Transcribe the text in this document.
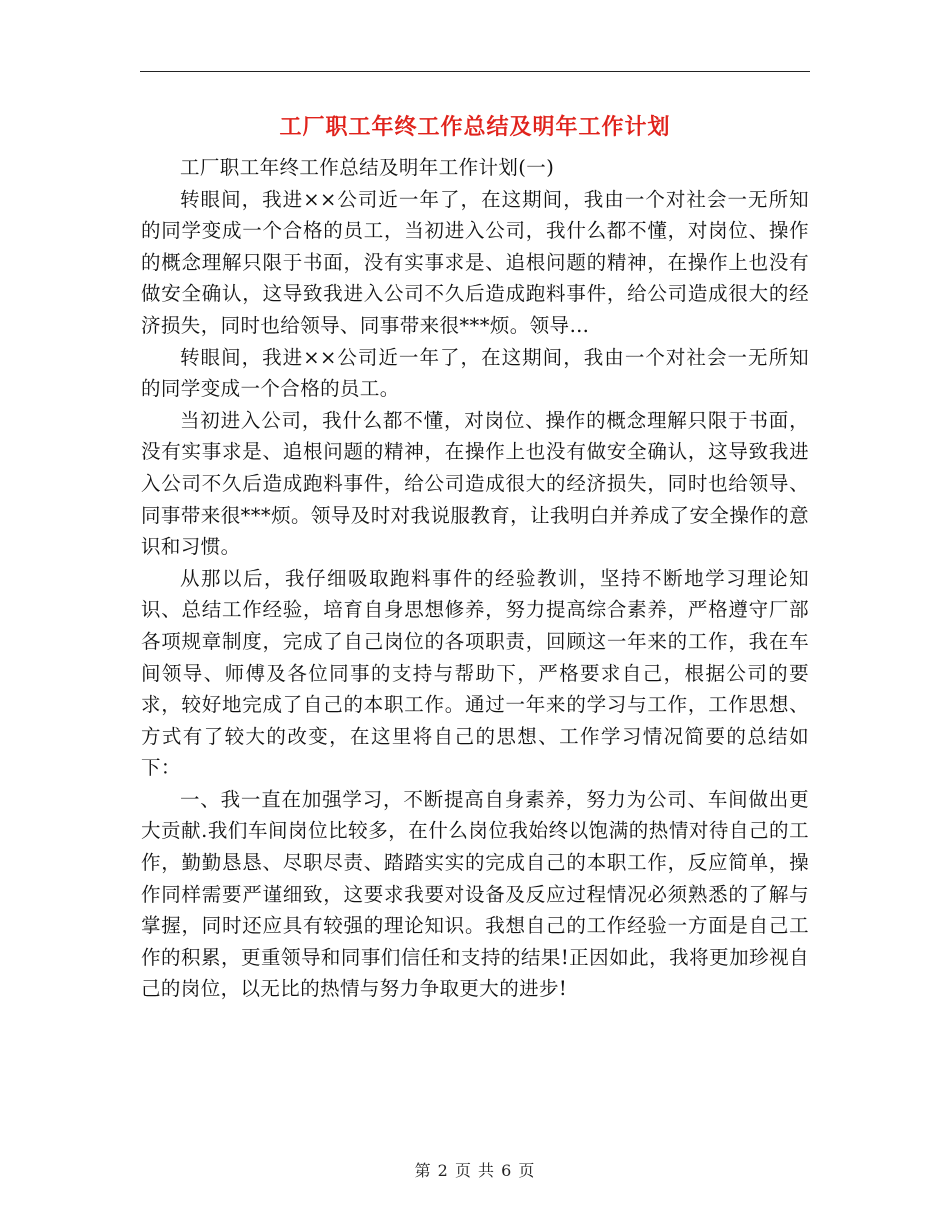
工厂职工年终工作总结及明年工作计划

工厂职工年终工作总结及明年工作计划(一)

转眼间，我进××公司近一年了，在这期间，我由一个对社会一无所知的同学变成一个合格的员工，当初进入公司，我什么都不懂，对岗位、操作的概念理解只限于书面，没有实事求是、追根问题的精神，在操作上也没有做安全确认，这导致我进入公司不久后造成跑料事件，给公司造成很大的经济损失，同时也给领导、同事带来很***烦。领导…

转眼间，我进××公司近一年了，在这期间，我由一个对社会一无所知的同学变成一个合格的员工。

当初进入公司，我什么都不懂，对岗位、操作的概念理解只限于书面，没有实事求是、追根问题的精神，在操作上也没有做安全确认，这导致我进入公司不久后造成跑料事件，给公司造成很大的经济损失，同时也给领导、同事带来很***烦。领导及时对我说服教育，让我明白并养成了安全操作的意识和习惯。

从那以后，我仔细吸取跑料事件的经验教训，坚持不断地学习理论知识、总结工作经验，培育自身思想修养，努力提高综合素养，严格遵守厂部各项规章制度，完成了自己岗位的各项职责，回顾这一年来的工作，我在车间领导、师傅及各位同事的支持与帮助下，严格要求自己，根据公司的要求，较好地完成了自己的本职工作。通过一年来的学习与工作，工作思想、方式有了较大的改变，在这里将自己的思想、工作学习情况简要的总结如下：

一、我一直在加强学习，不断提高自身素养，努力为公司、车间做出更大贡献.我们车间岗位比较多，在什么岗位我始终以饱满的热情对待自己的工作，勤勤恳恳、尽职尽责、踏踏实实的完成自己的本职工作，反应简单，操作同样需要严谨细致，这要求我要对设备及反应过程情况必须熟悉的了解与掌握，同时还应具有较强的理论知识。我想自己的工作经验一方面是自己工作的积累，更重领导和同事们信任和支持的结果!正因如此，我将更加珍视自己的岗位，以无比的热情与努力争取更大的进步!

第 2 页 共 6 页
